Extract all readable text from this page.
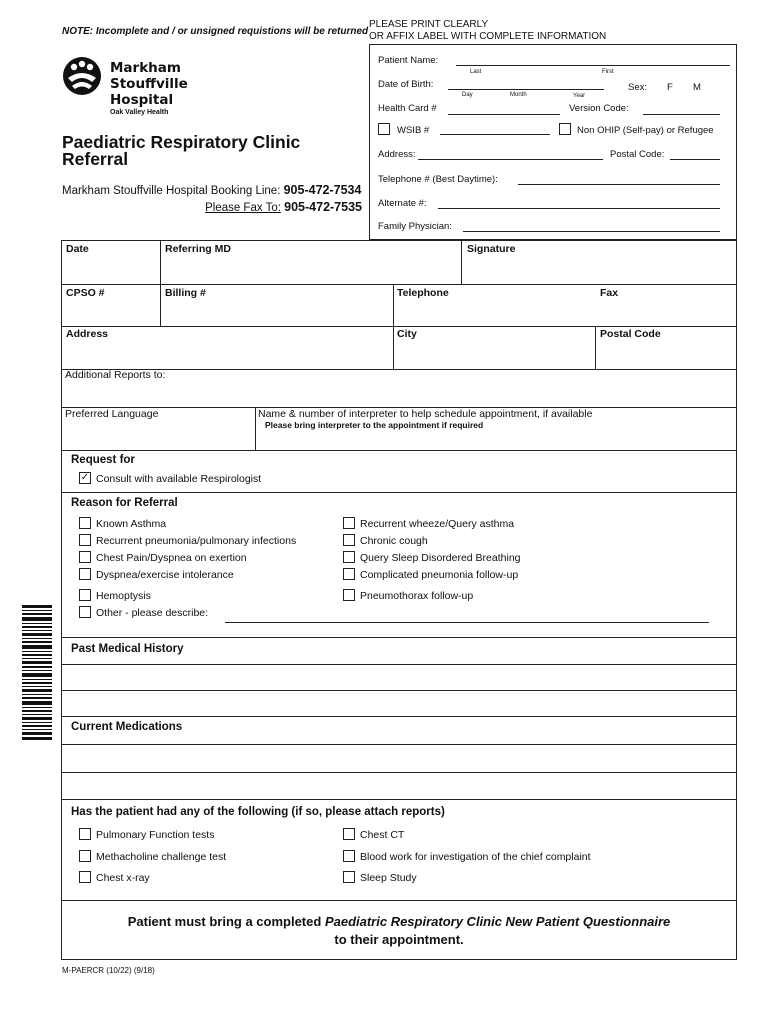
NOTE: Incomplete and / or unsigned requistions will be returned
PLEASE PRINT CLEARLY
OR AFFIX LABEL WITH COMPLETE INFORMATION
Markham
Stouffville
Hospital
Oak Valley Health
Paediatric Respiratory Clinic Referral
Markham Stouffville Hospital Booking Line: 905-472-7534
Please Fax To: 905-472-7535
Patient Name:
Last	First
Date of Birth:
Day	Month	Year
Sex: F M
Health Card #	Version Code:
WSIB #	Non OHIP (Self-pay) or Refugee
Address:	Postal Code:
Telephone # (Best Daytime):
Alternate #:
Family Physician:
Date	Referring MD	Signature
CPSO #	Billing #	Telephone	Fax
Address	City	Postal Code
Additional Reports to:
Preferred Language	Name & number of interpreter to help schedule appointment, if available
Please bring interpreter to the appointment if required
Request for
✓ Consult with available Respirologist
Reason for Referral
Known Asthma
Recurrent pneumonia/pulmonary infections
Chest Pain/Dyspnea on exertion
Dyspnea/exercise intolerance
Hemoptysis
Other - please describe:
Recurrent wheeze/Query asthma
Chronic cough
Query Sleep Disordered Breathing
Complicated pneumonia follow-up
Pneumothorax follow-up
Past Medical History
Current Medications
Has the patient had any of the following (if so, please attach reports)
Pulmonary Function tests
Methacholine challenge test
Chest x-ray
Chest CT
Blood work for investigation of the chief complaint
Sleep Study
Patient must bring a completed Paediatric Respiratory Clinic New Patient Questionnaire
to their appointment.
M-PAERCR (10/22) (9/18)
